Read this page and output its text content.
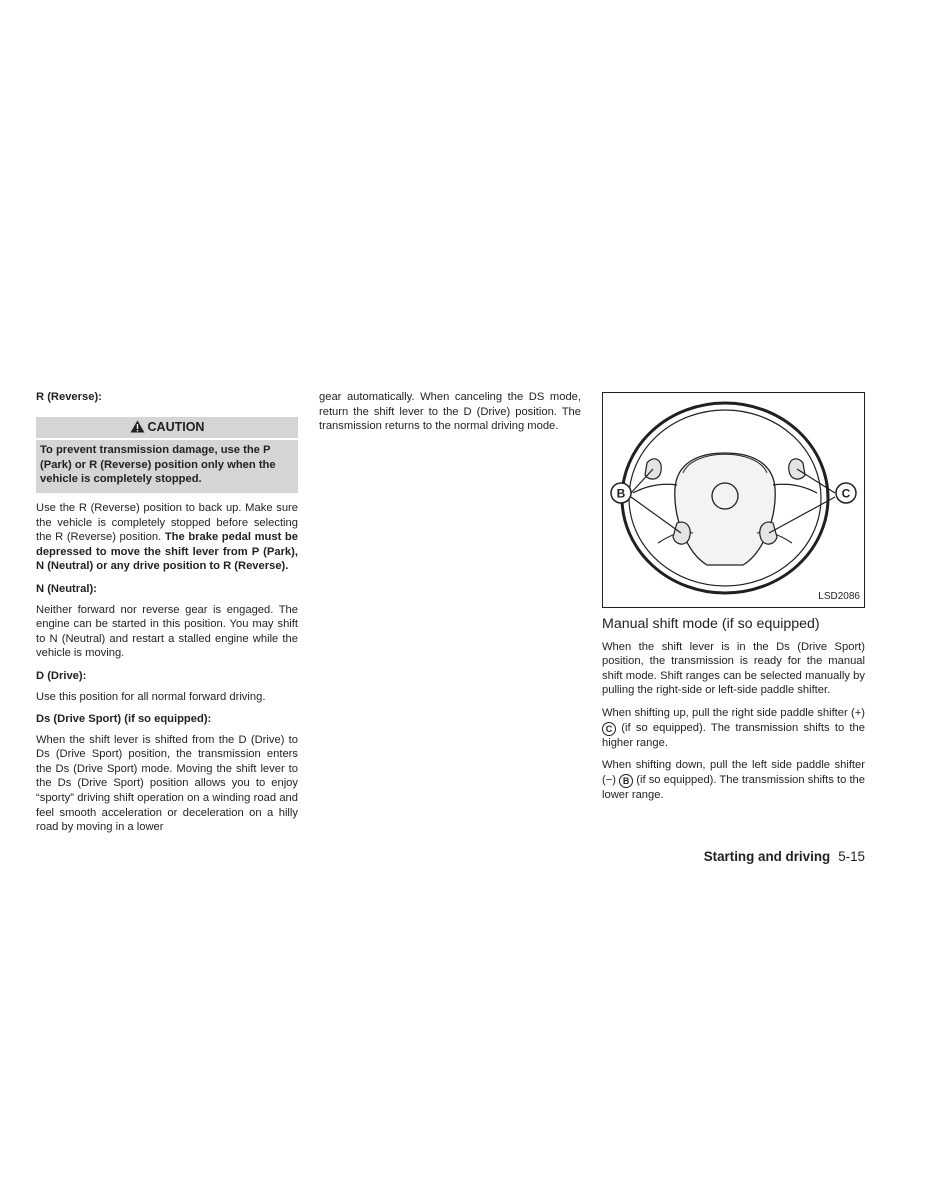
R (Reverse):
CAUTION
To prevent transmission damage, use the P (Park) or R (Reverse) position only when the vehicle is completely stopped.

Use the R (Reverse) position to back up. Make sure the vehicle is completely stopped before selecting the R (Reverse) position. The brake pedal must be depressed to move the shift lever from P (Park), N (Neutral) or any drive position to R (Reverse).

N (Neutral):

Neither forward nor reverse gear is engaged. The engine can be started in this position. You may shift to N (Neutral) and restart a stalled engine while the vehicle is moving.

D (Drive):

Use this position for all normal forward driving.

Ds (Drive Sport) (if so equipped):

When the shift lever is shifted from the D (Drive) to Ds (Drive Sport) position, the transmission enters the Ds (Drive Sport) mode. Moving the shift lever to the Ds (Drive Sport) position allows you to enjoy “sporty” driving shift operation on a winding road and feel smooth acceleration or deceleration on a hilly road by moving in a lower

gear automatically. When canceling the DS mode, return the shift lever to the D (Drive) position. The transmission returns to the normal driving mode.

B	C
LSD2086
Manual shift mode (if so equipped)

When the shift lever is in the Ds (Drive Sport) position, the transmission is ready for the manual shift mode. Shift ranges can be selected manually by pulling the right-side or left-side paddle shifter.

When shifting up, pull the right side paddle shifter (+) C (if so equipped). The transmission shifts to the higher range.

When shifting down, pull the left side paddle shifter (−) B (if so equipped). The transmission shifts to the lower range.

Starting and driving 5-15
